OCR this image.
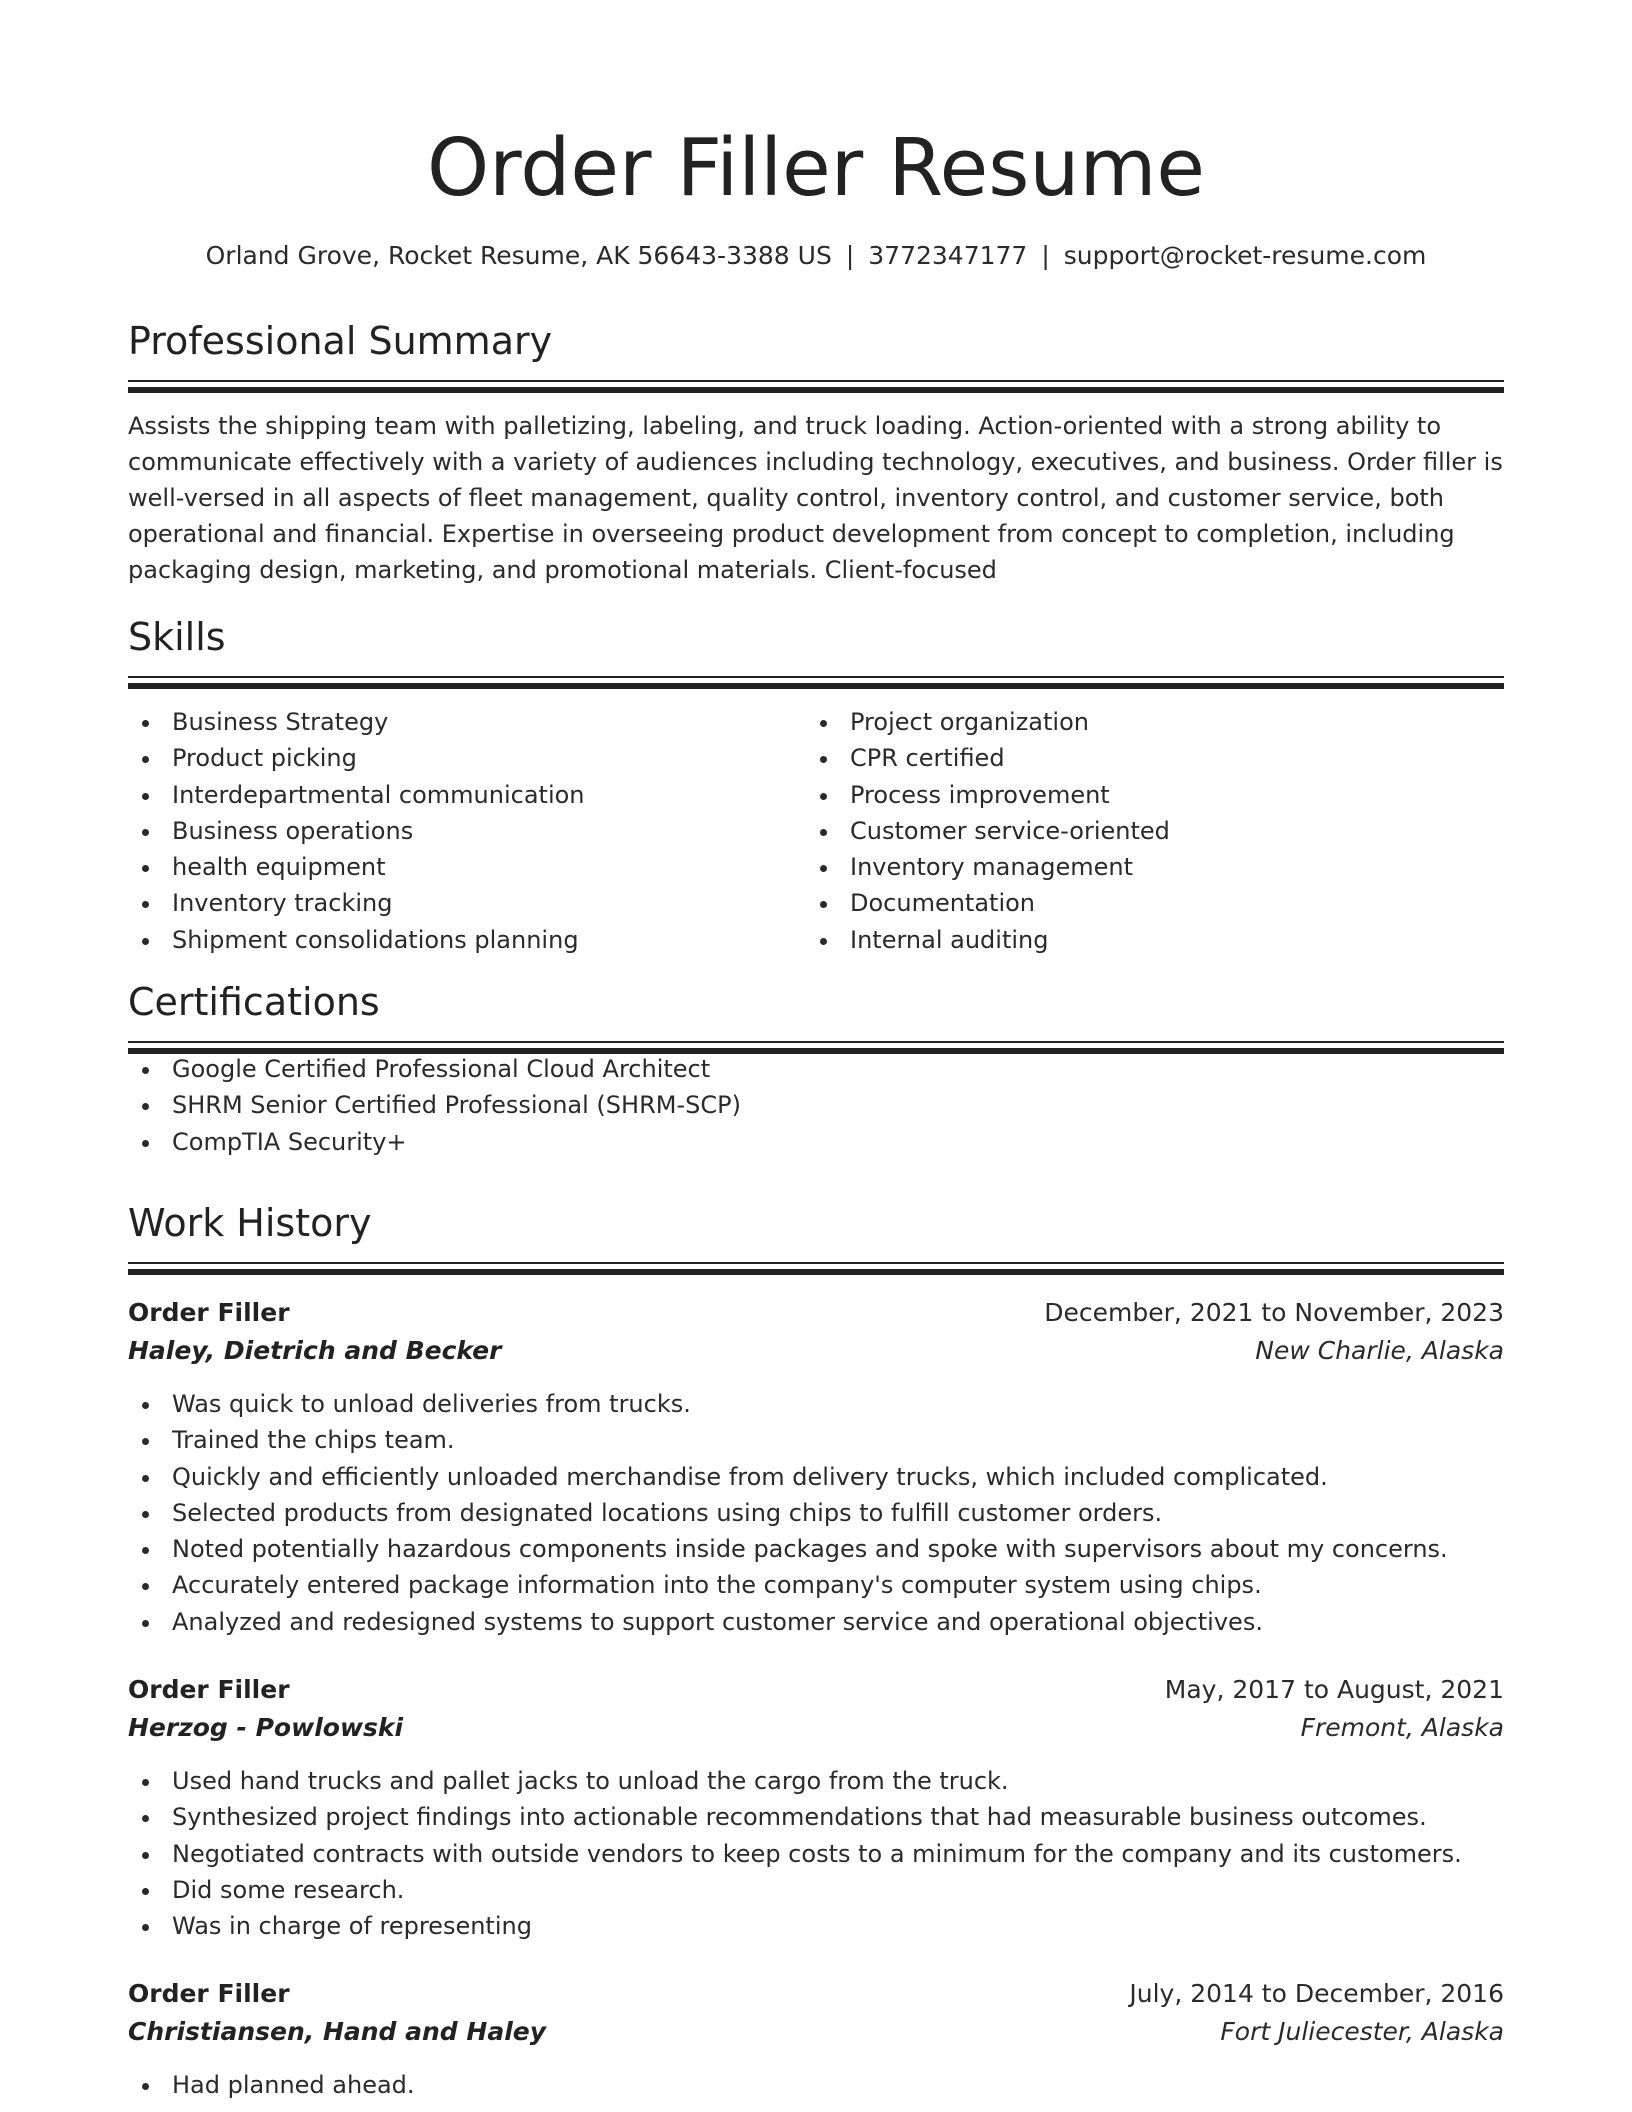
Order Filler Resume
Orland Grove, Rocket Resume, AK 56643-3388 US | 3772347177 | support@rocket-resume.com
Professional Summary
Assists the shipping team with palletizing, labeling, and truck loading. Action-oriented with a strong ability to communicate effectively with a variety of audiences including technology, executives, and business. Order filler is well-versed in all aspects of fleet management, quality control, inventory control, and customer service, both operational and financial. Expertise in overseeing product development from concept to completion, including packaging design, marketing, and promotional materials. Client-focused
Skills
Business Strategy
Product picking
Interdepartmental communication
Business operations
health equipment
Inventory tracking
Shipment consolidations planning
Project organization
CPR certified
Process improvement
Customer service-oriented
Inventory management
Documentation
Internal auditing
Certifications
Google Certified Professional Cloud Architect
SHRM Senior Certified Professional (SHRM-SCP)
CompTIA Security+
Work History
Order Filler	December, 2021 to November, 2023
Haley, Dietrich and Becker	New Charlie, Alaska
Was quick to unload deliveries from trucks.
Trained the chips team.
Quickly and efficiently unloaded merchandise from delivery trucks, which included complicated.
Selected products from designated locations using chips to fulfill customer orders.
Noted potentially hazardous components inside packages and spoke with supervisors about my concerns.
Accurately entered package information into the company's computer system using chips.
Analyzed and redesigned systems to support customer service and operational objectives.
Order Filler	May, 2017 to August, 2021
Herzog - Powlowski	Fremont, Alaska
Used hand trucks and pallet jacks to unload the cargo from the truck.
Synthesized project findings into actionable recommendations that had measurable business outcomes.
Negotiated contracts with outside vendors to keep costs to a minimum for the company and its customers.
Did some research.
Was in charge of representing
Order Filler	July, 2014 to December, 2016
Christiansen, Hand and Haley	Fort Juliecester, Alaska
Had planned ahead.
